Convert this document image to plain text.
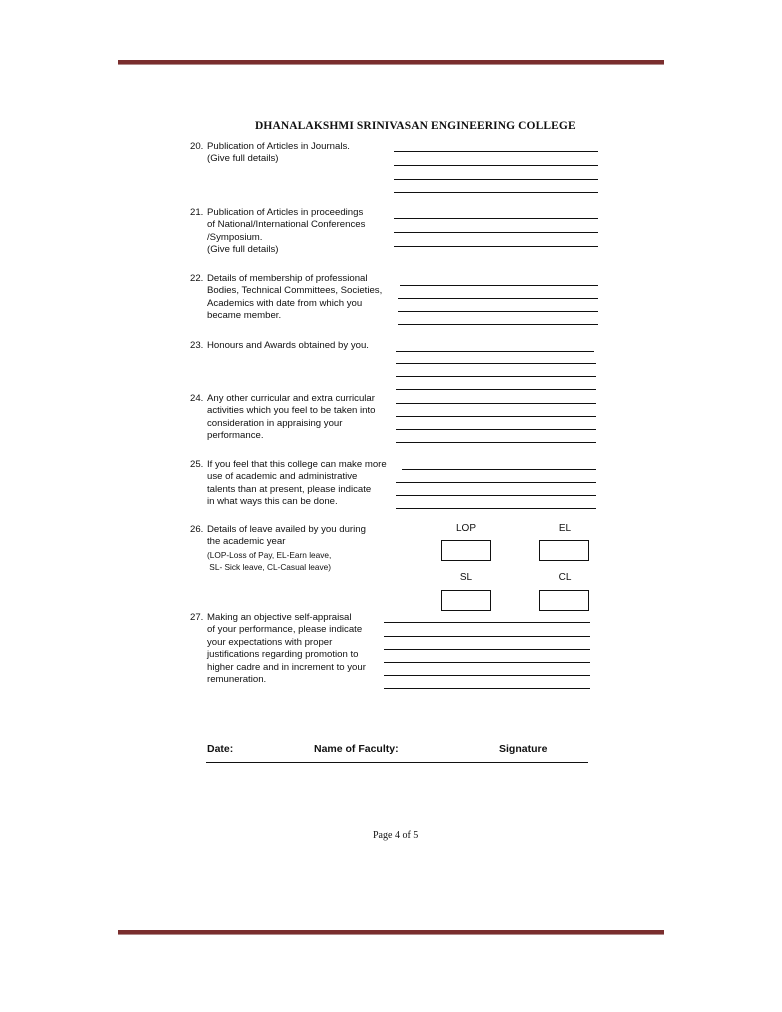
DHANALAKSHMI SRINIVASAN ENGINEERING COLLEGE
20. Publication of Articles in Journals.
(Give full details)
21. Publication of Articles in proceedings
of National/International Conferences
/Symposium.
(Give full details)
22. Details of membership of professional
Bodies, Technical Committees, Societies,
Academics with date from which you
became member.
23. Honours and Awards obtained by you.
24. Any other curricular and extra curricular
activities which you feel to be taken into
consideration in appraising your
performance.
25. If you feel that this college can make more
use of academic and administrative
talents than at present, please indicate
in what ways this can be done.
26. Details of leave availed by you during
the academic year
(LOP-Loss of Pay, EL-Earn leave,
SL- Sick leave, CL-Casual leave)
LOP	EL
SL	CL
27. Making an objective self-appraisal
of your performance, please indicate
your expectations with proper
justifications regarding promotion to
higher cadre and in increment to your
remuneration.
Date:	Name of Faculty:	Signature
Page 4 of 5
